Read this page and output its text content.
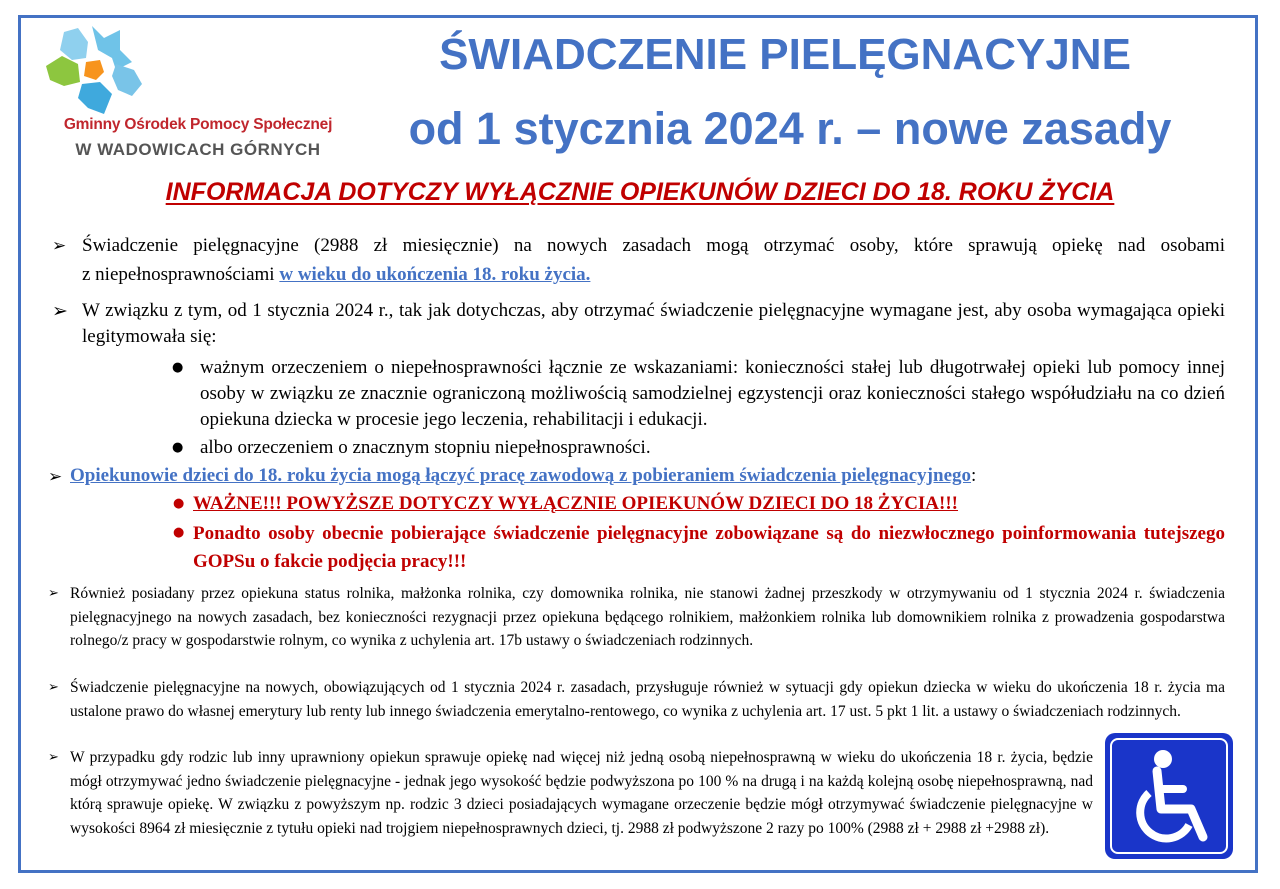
Gminny Ośrodek Pomocy Społecznej
W WADOWICACH GÓRNYCH
ŚWIADCZENIE PIELĘGNACYJNE
od 1 stycznia 2024 r. – nowe zasady
INFORMACJA DOTYCZY WYŁĄCZNIE OPIEKUNÓW DZIECI DO 18. ROKU ŻYCIA
➢ Świadczenie pielęgnacyjne (2988 zł miesięcznie) na nowych zasadach mogą otrzymać osoby, które sprawują opiekę nad osobami
z niepełnosprawnościami w wieku do ukończenia 18. roku życia.
➢ W związku z tym, od 1 stycznia 2024 r., tak jak dotychczas, aby otrzymać świadczenie pielęgnacyjne wymagane jest, aby osoba wymagająca opieki legitymowała się:
● ważnym orzeczeniem o niepełnosprawności łącznie ze wskazaniami: konieczności stałej lub długotrwałej opieki lub pomocy innej osoby w związku ze znacznie ograniczoną możliwością samodzielnej egzystencji oraz konieczności stałego współudziału na co dzień opiekuna dziecka w procesie jego leczenia, rehabilitacji i edukacji.
● albo orzeczeniem o znacznym stopniu niepełnosprawności.
➢ Opiekunowie dzieci do 18. roku życia mogą łączyć pracę zawodową z pobieraniem świadczenia pielęgnacyjnego:
● WAŻNE!!! POWYŻSZE DOTYCZY WYŁĄCZNIE OPIEKUNÓW DZIECI DO 18 ŻYCIA!!!
● Ponadto osoby obecnie pobierające świadczenie pielęgnacyjne zobowiązane są do niezwłocznego poinformowania tutejszego GOPSu o fakcie podjęcia pracy!!!
➢ Również posiadany przez opiekuna status rolnika, małżonka rolnika, czy domownika rolnika, nie stanowi żadnej przeszkody w otrzymywaniu od 1 stycznia 2024 r. świadczenia pielęgnacyjnego na nowych zasadach, bez konieczności rezygnacji przez opiekuna będącego rolnikiem, małżonkiem rolnika lub domownikiem rolnika z prowadzenia gospodarstwa rolnego/z pracy w gospodarstwie rolnym, co wynika z uchylenia art. 17b ustawy o świadczeniach rodzinnych.
➢ Świadczenie pielęgnacyjne na nowych, obowiązujących od 1 stycznia 2024 r. zasadach, przysługuje również w sytuacji gdy opiekun dziecka w wieku do ukończenia 18 r. życia ma ustalone prawo do własnej emerytury lub renty lub innego świadczenia emerytalno-rentowego, co wynika z uchylenia art. 17 ust. 5 pkt 1 lit. a ustawy o świadczeniach rodzinnych.
➢ W przypadku gdy rodzic lub inny uprawniony opiekun sprawuje opiekę nad więcej niż jedną osobą niepełnosprawną w wieku do ukończenia 18 r. życia, będzie mógł otrzymywać jedno świadczenie pielęgnacyjne - jednak jego wysokość będzie podwyższona po 100 % na drugą i na każdą kolejną osobę niepełnosprawną, nad którą sprawuje opiekę. W związku z powyższym np. rodzic 3 dzieci posiadających wymagane orzeczenie będzie mógł otrzymywać świadczenie pielęgnacyjne w wysokości 8964 zł miesięcznie z tytułu opieki nad trojgiem niepełnosprawnych dzieci, tj. 2988 zł podwyższone 2 razy po 100% (2988 zł + 2988 zł +2988 zł).
